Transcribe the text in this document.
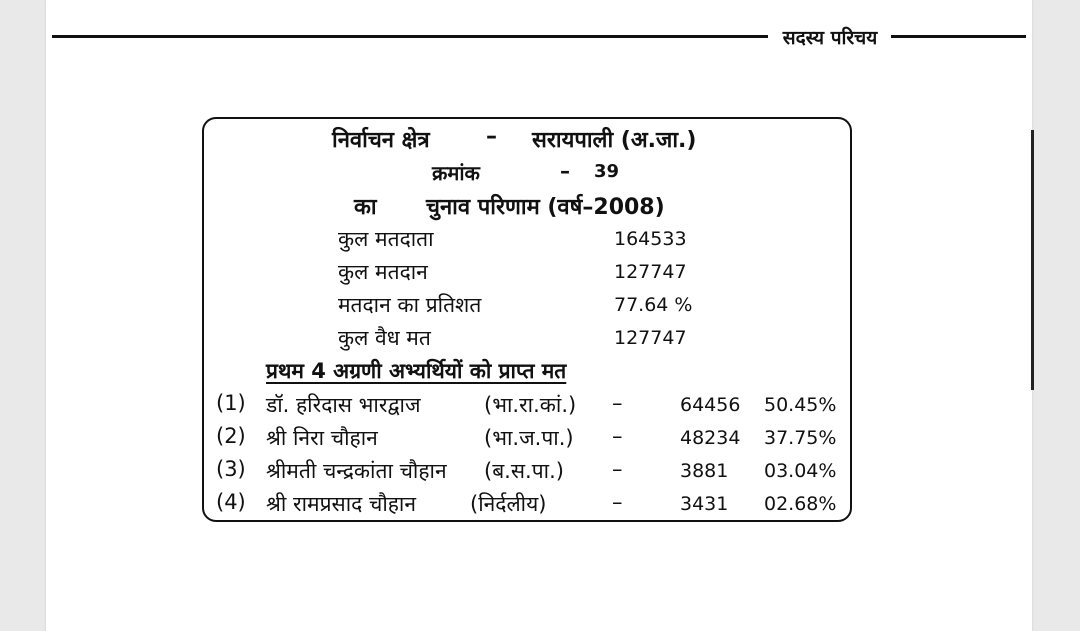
सदस्य परिचय
निर्वाचन क्षेत्र	– सरायपाली (अ.जा.)
क्रमांक	– 39
का चुनाव परिणाम (वर्ष–2008)
कुल मतदाता	164533
कुल मतदान	127747
मतदान का प्रतिशत	77.64 %
कुल वैध मत	127747
प्रथम 4 अग्रणी अभ्यर्थियों को प्राप्त मत
(1) डॉ. हरिदास भारद्वाज	(भा.रा.कां.) –	64456 50.45%
(2) श्री निरा चौहान	(भा.ज.पा.) –	48234 37.75%
(3) श्रीमती चन्द्रकांता चौहान (ब.स.पा.) –	3881 03.04%
(4) श्री रामप्रसाद चौहान	(निर्दलीय)	–	3431 02.68%
